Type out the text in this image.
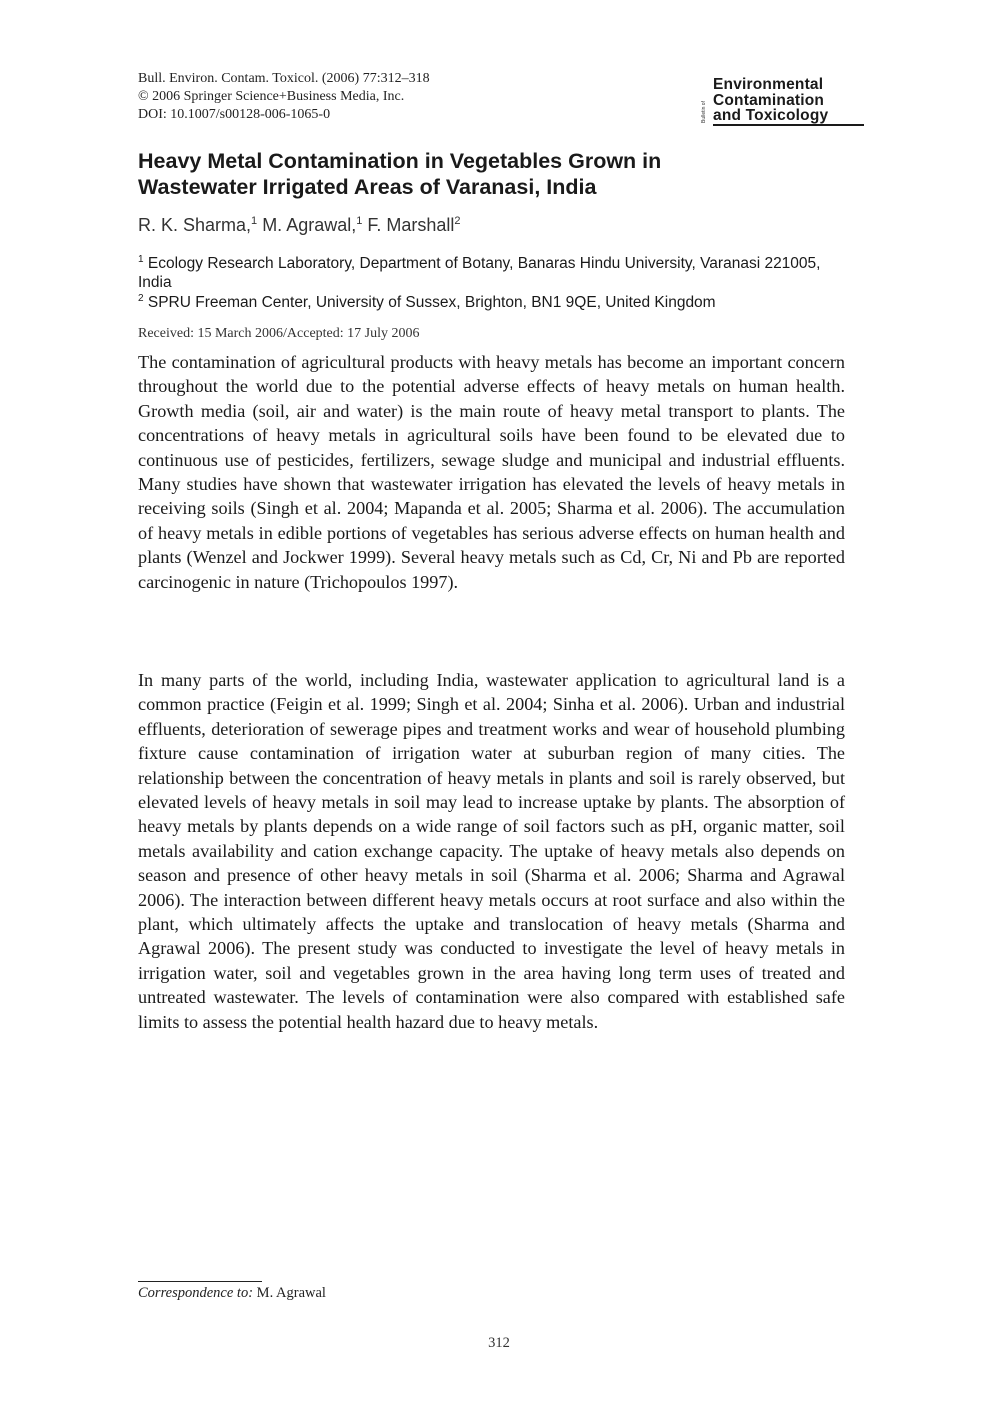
Bull. Environ. Contam. Toxicol. (2006) 77:312–318
© 2006 Springer Science+Business Media, Inc.
DOI: 10.1007/s00128-006-1065-0	Bulletin of
Environmental
Contamination
and Toxicology
Heavy Metal Contamination in Vegetables Grown in
Wastewater Irrigated Areas of Varanasi, India
R. K. Sharma,$^1$ M. Agrawal,$^1$ F. Marshall$^2$

$^1$ Ecology Research Laboratory, Department of Botany, Banaras Hindu University, Varanasi 221005, India

$^2$ SPRU Freeman Center, University of Sussex, Brighton, BN1 9QE, United Kingdom

Received: 15 March 2006/Accepted: 17 July 2006

The contamination of agricultural products with heavy metals has become an important concern throughout the world due to the potential adverse effects of heavy metals on human health. Growth media (soil, air and water) is the main route of heavy metal transport to plants. The concentrations of heavy metals in agricultural soils have been found to be elevated due to continuous use of pesticides, fertilizers, sewage sludge and municipal and industrial effluents. Many studies have shown that wastewater irrigation has elevated the levels of heavy metals in receiving soils (Singh et al. 2004; Mapanda et al. 2005; Sharma et al. 2006). The accumulation of heavy metals in edible portions of vegetables has serious adverse effects on human health and plants (Wenzel and Jockwer 1999). Several heavy metals such as Cd, Cr, Ni and Pb are reported carcinogenic in nature (Trichopoulos 1997).

In many parts of the world, including India, wastewater application to agricultural land is a common practice (Feigin et al. 1999; Singh et al. 2004; Sinha et al. 2006). Urban and industrial effluents, deterioration of sewerage pipes and treatment works and wear of household plumbing fixture cause contamination of irrigation water at suburban region of many cities. The relationship between the concentration of heavy metals in plants and soil is rarely observed, but elevated levels of heavy metals in soil may lead to increase uptake by plants. The absorption of heavy metals by plants depends on a wide range of soil factors such as pH, organic matter, soil metals availability and cation exchange capacity. The uptake of heavy metals also depends on season and presence of other heavy metals in soil (Sharma et al. 2006; Sharma and Agrawal 2006). The interaction between different heavy metals occurs at root surface and also within the plant, which ultimately affects the uptake and translocation of heavy metals (Sharma and Agrawal 2006). The present study was conducted to investigate the level of heavy metals in irrigation water, soil and vegetables grown in the area having long term uses of treated and untreated wastewater. The levels of contamination were also compared with established safe limits to assess the potential health hazard due to heavy metals.

Correspondence to: M. Agrawal
312
